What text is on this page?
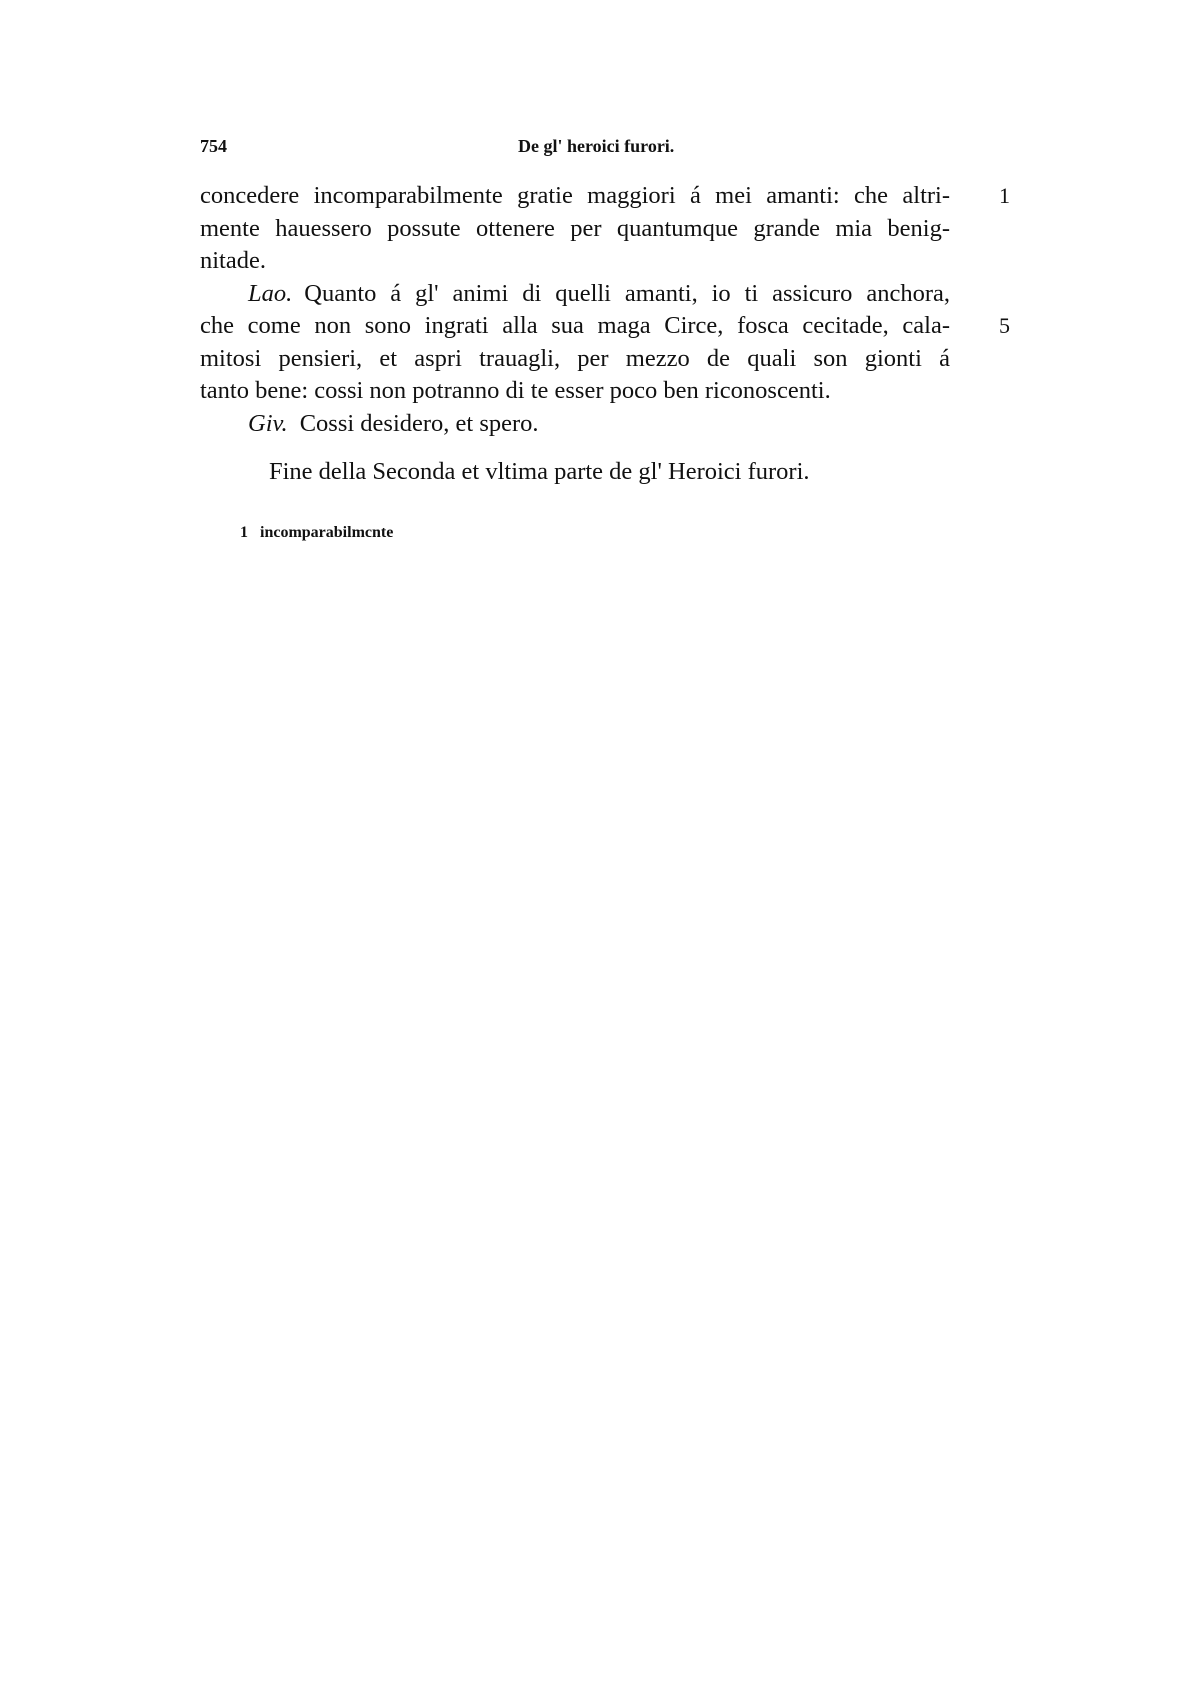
754	De gl' heroici furori.
concedere incomparabilmente gratie maggiori á mei amanti: che altri-
mente hauessero possute ottenere per quantumque grande mia benig-
nitade.
Lao. Quanto á gl' animi di quelli amanti, io ti assicuro anchora,
che come non sono ingrati alla sua maga Circe, fosca cecitade, cala-
mitosi pensieri, et aspri trauagli, per mezzo de quali son gionti á
tanto bene: cossi non potranno di te esser poco ben riconoscenti.
Giv. Cossi desidero, et spero.
1
5
Fine della Seconda et vltima parte de gl' Heroici furori.
1 incomparabilmcnte
